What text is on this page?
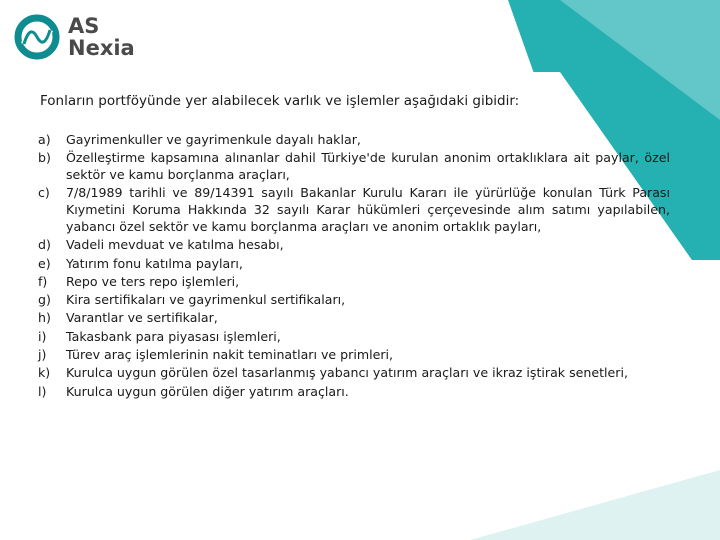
AS
Nexia
Fonların portföyünde yer alabilecek varlık ve işlemler aşağıdaki gibidir:
a)	Gayrimenkuller ve gayrimenkule dayalı haklar,
b)	Özelleştirme kapsamına alınanlar dahil Türkiye'de kurulan anonim ortaklıklara ait paylar, özel sektör ve kamu borçlanma araçları,
c)	7/8/1989 tarihli ve 89/14391 sayılı Bakanlar Kurulu Kararı ile yürürlüğe konulan Türk Parası Kıymetini Koruma Hakkında 32 sayılı Karar hükümleri çerçevesinde alım satımı yapılabilen, yabancı özel sektör ve kamu borçlanma araçları ve anonim ortaklık payları,
d)	Vadeli mevduat ve katılma hesabı,
e)	Yatırım fonu katılma payları,
f)	Repo ve ters repo işlemleri,
g)	Kira sertifikaları ve gayrimenkul sertifikaları,
h)	Varantlar ve sertifikalar,
i)	Takasbank para piyasası işlemleri,
j)	Türev araç işlemlerinin nakit teminatları ve primleri,
k)	Kurulca uygun görülen özel tasarlanmış yabancı yatırım araçları ve ikraz iştirak senetleri,
l)	Kurulca uygun görülen diğer yatırım araçları.
